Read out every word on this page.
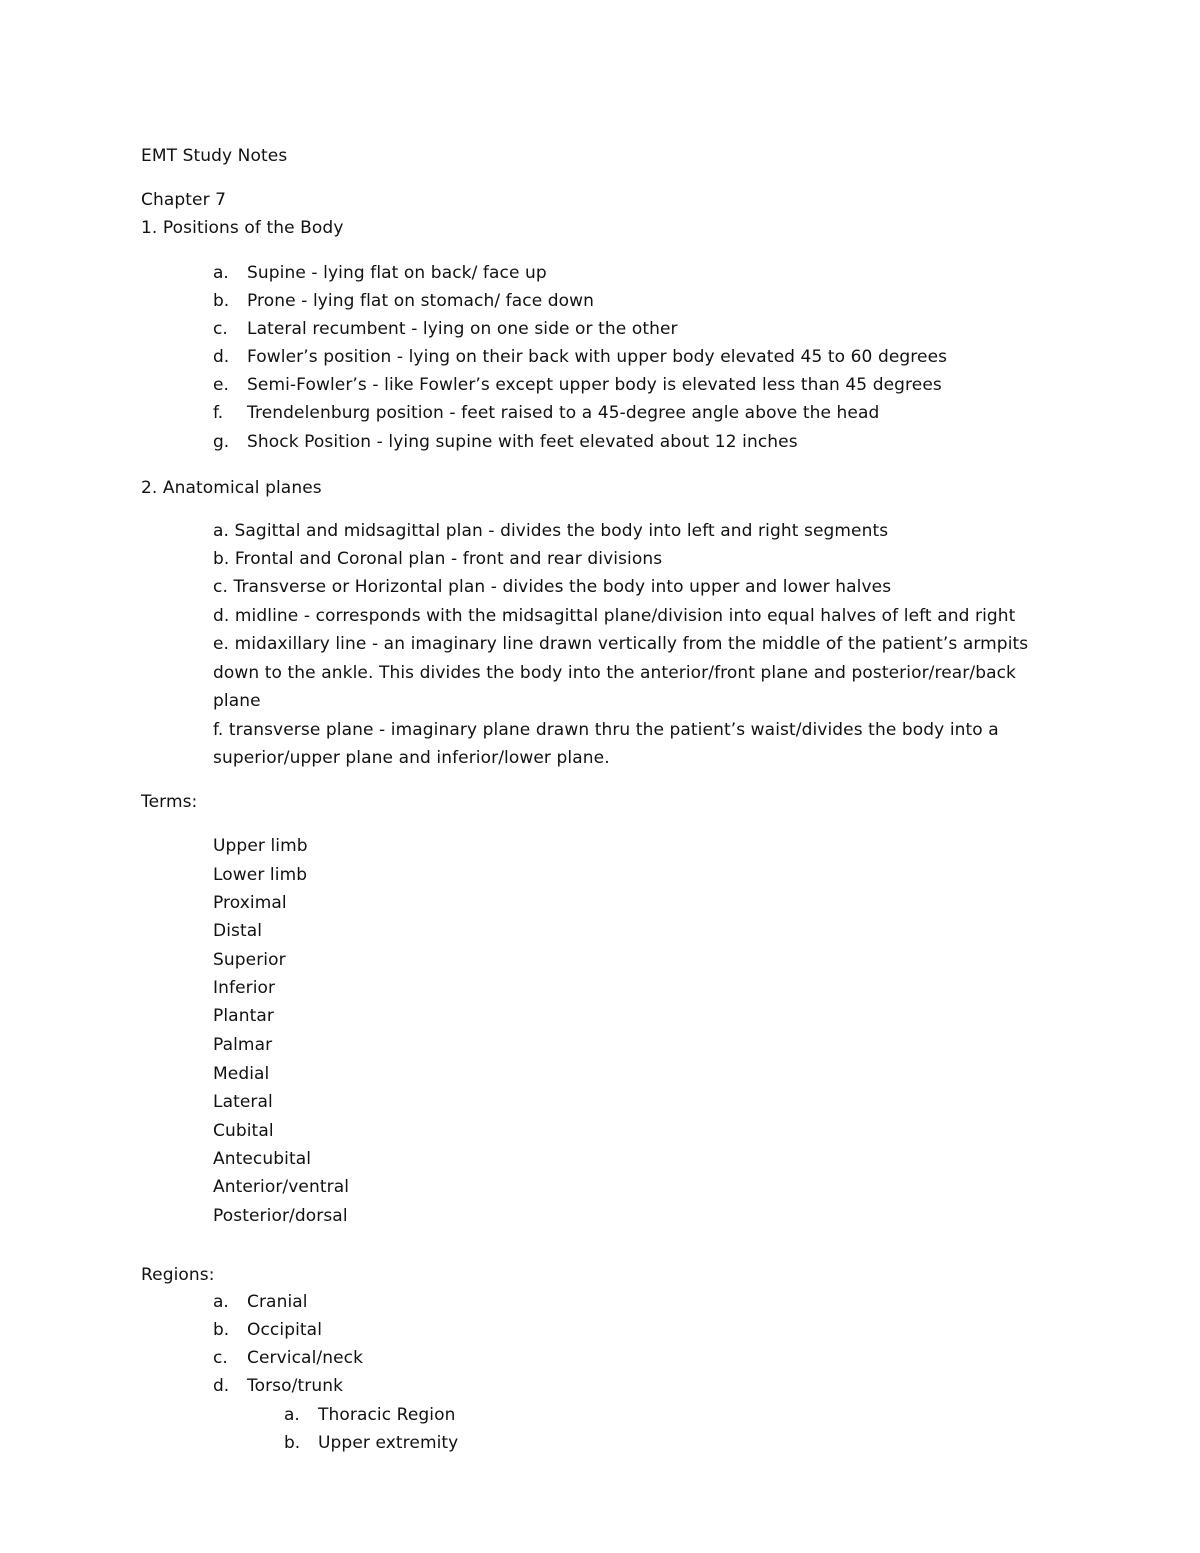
EMT Study Notes
Chapter 7
1. Positions of the Body
a. Supine - lying flat on back/ face up
b. Prone - lying flat on stomach/ face down
c. Lateral recumbent - lying on one side or the other
d. Fowler’s position - lying on their back with upper body elevated 45 to 60 degrees
e. Semi-Fowler’s - like Fowler’s except upper body is elevated less than 45 degrees
f. Trendelenburg position - feet raised to a 45-degree angle above the head
g. Shock Position - lying supine with feet elevated about 12 inches
2. Anatomical planes
a. Sagittal and midsagittal plan - divides the body into left and right segments
b. Frontal and Coronal plan - front and rear divisions
c. Transverse or Horizontal plan - divides the body into upper and lower halves
d. midline - corresponds with the midsagittal plane/division into equal halves of left and right
e. midaxillary line - an imaginary line drawn vertically from the middle of the patient’s armpits
down to the ankle. This divides the body into the anterior/front plane and posterior/rear/back
plane
f. transverse plane - imaginary plane drawn thru the patient’s waist/divides the body into a
superior/upper plane and inferior/lower plane.
Terms:
Upper limb
Lower limb
Proximal
Distal
Superior
Inferior
Plantar
Palmar
Medial
Lateral
Cubital
Antecubital
Anterior/ventral
Posterior/dorsal
Regions:
a. Cranial
b. Occipital
c. Cervical/neck
d. Torso/trunk
a. Thoracic Region
b. Upper extremity
